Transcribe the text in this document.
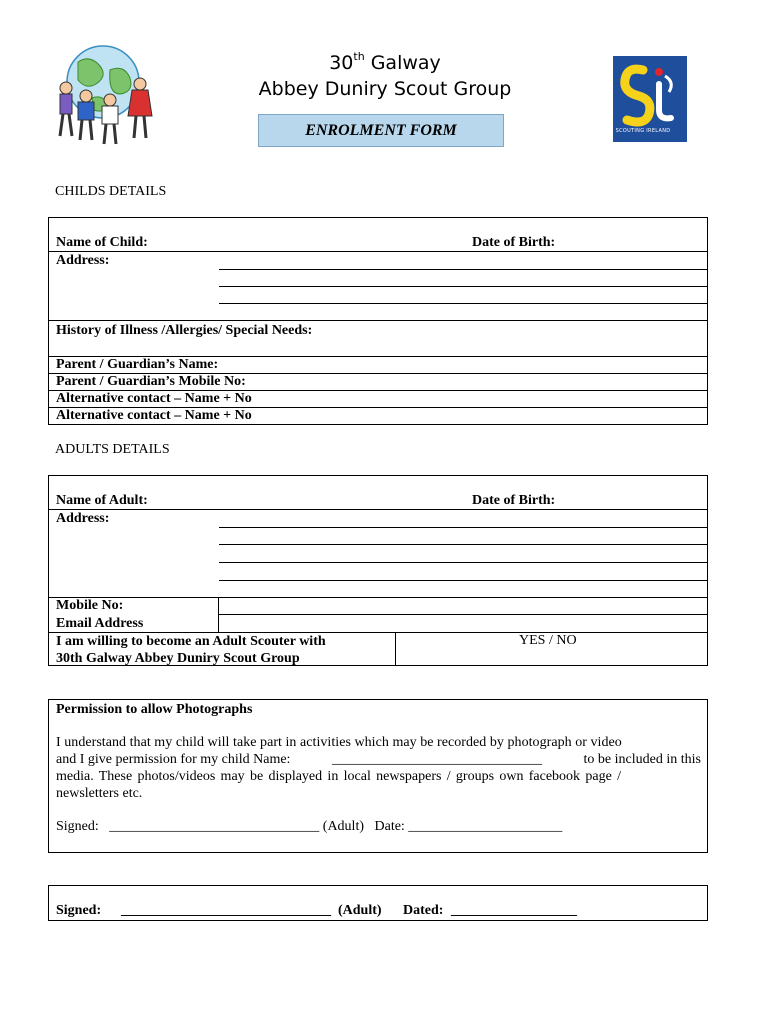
30th Galway
Abbey Duniry Scout Group
ENROLMENT FORM	SCOUTING IRELAND
CHILDS DETAILS
Name of Child:	Date of Birth:
Address:
History of Illness /Allergies/ Special Needs:
Parent / Guardian’s Name:
Parent / Guardian’s Mobile No:
Alternative contact – Name + No
Alternative contact – Name + No
ADULTS DETAILS
Name of Adult:	Date of Birth:
Address:
Mobile No:
Email Address
I am willing to become an Adult Scouter with
30th Galway Abbey Duniry Scout Group
YES / NO
Permission to allow Photographs
I understand that my child will take part in activities which may be recorded by photograph or video
and I give permission for my child Name:	______________________________	to be included in this
media. These photos/videos may be displayed in local newspapers / groups own facebook page /
newsletters etc.
Signed:   ______________________________ (Adult)   Date: ______________________
Signed: ______________________________ (Adult) Dated: __________________
